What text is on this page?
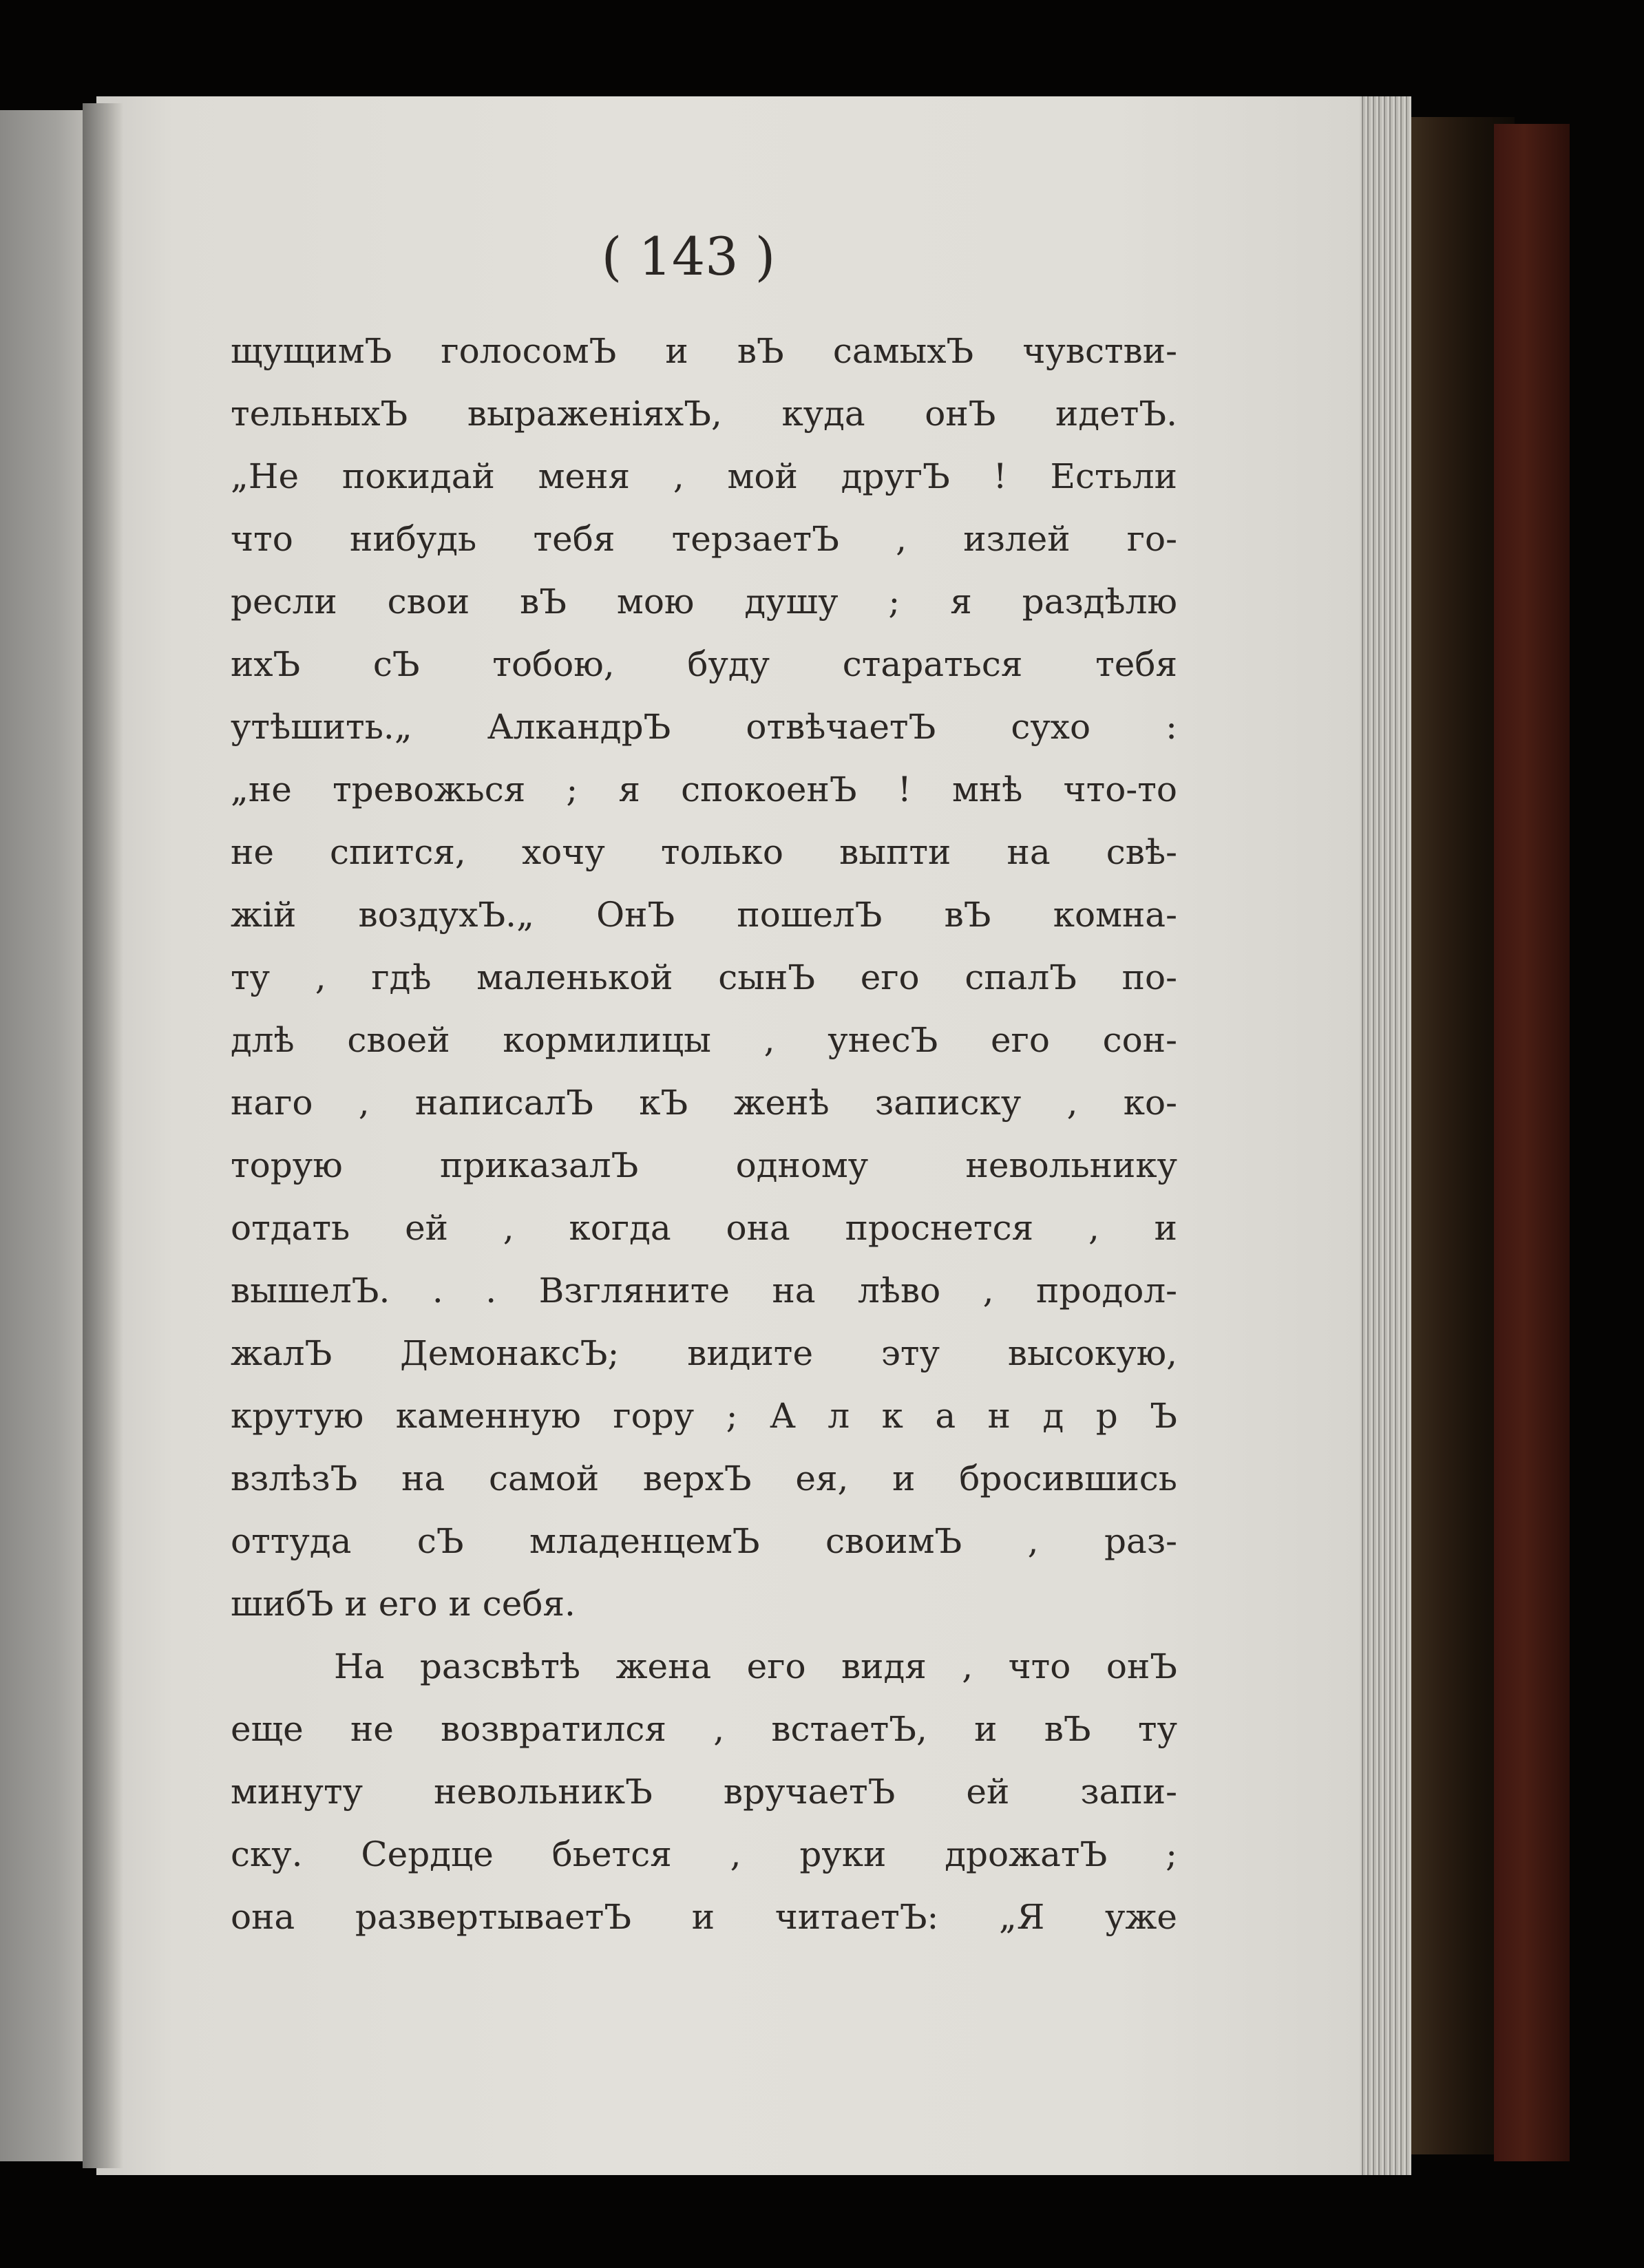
( 143 )
щущимЪ голосомЪ и вЪ самыхЪ чувстви-
тельныхЪ выраженіяхЪ, куда онЪ идетЪ.
„Не покидай меня , мой другЪ ! Естьли
что нибудь тебя терзаетЪ , излей го-
ресли свои вЪ мою душу ; я раздѣлю
ихЪ сЪ тобою, буду стараться тебя
утѣшить.„ АлкандрЪ отвѣчаетЪ сухо :
„не тревожься ; я спокоенЪ ! мнѣ что-то
не спится, хочу только выпти на свѣ-
жій воздухЪ.„ ОнЪ пошелЪ вЪ комна-
ту , гдѣ маленькой сынЪ его спалЪ по-
длѣ своей кормилицы , унесЪ его сон-
наго , написалЪ кЪ женѣ записку , ко-
торую приказалЪ одному невольнику
отдать ей , когда она проснется , и
вышелЪ. . . Взгляните на лѣво , продол-
жалЪ ДемонаксЪ; видите эту высокую,
крутую каменную гору ; А л к а н д р Ъ
взлѣзЪ на самой верхЪ ея, и бросившись
оттуда сЪ младенцемЪ своимЪ , раз-
шибЪ и его и себя.
На разсвѣтѣ жена его видя , что онЪ
еще не возвратился , встаетЪ, и вЪ ту
минуту невольникЪ вручаетЪ ей запи-
ску. Сердце бьется , руки дрожатЪ ;
она развертываетЪ и читаетЪ: „Я уже
